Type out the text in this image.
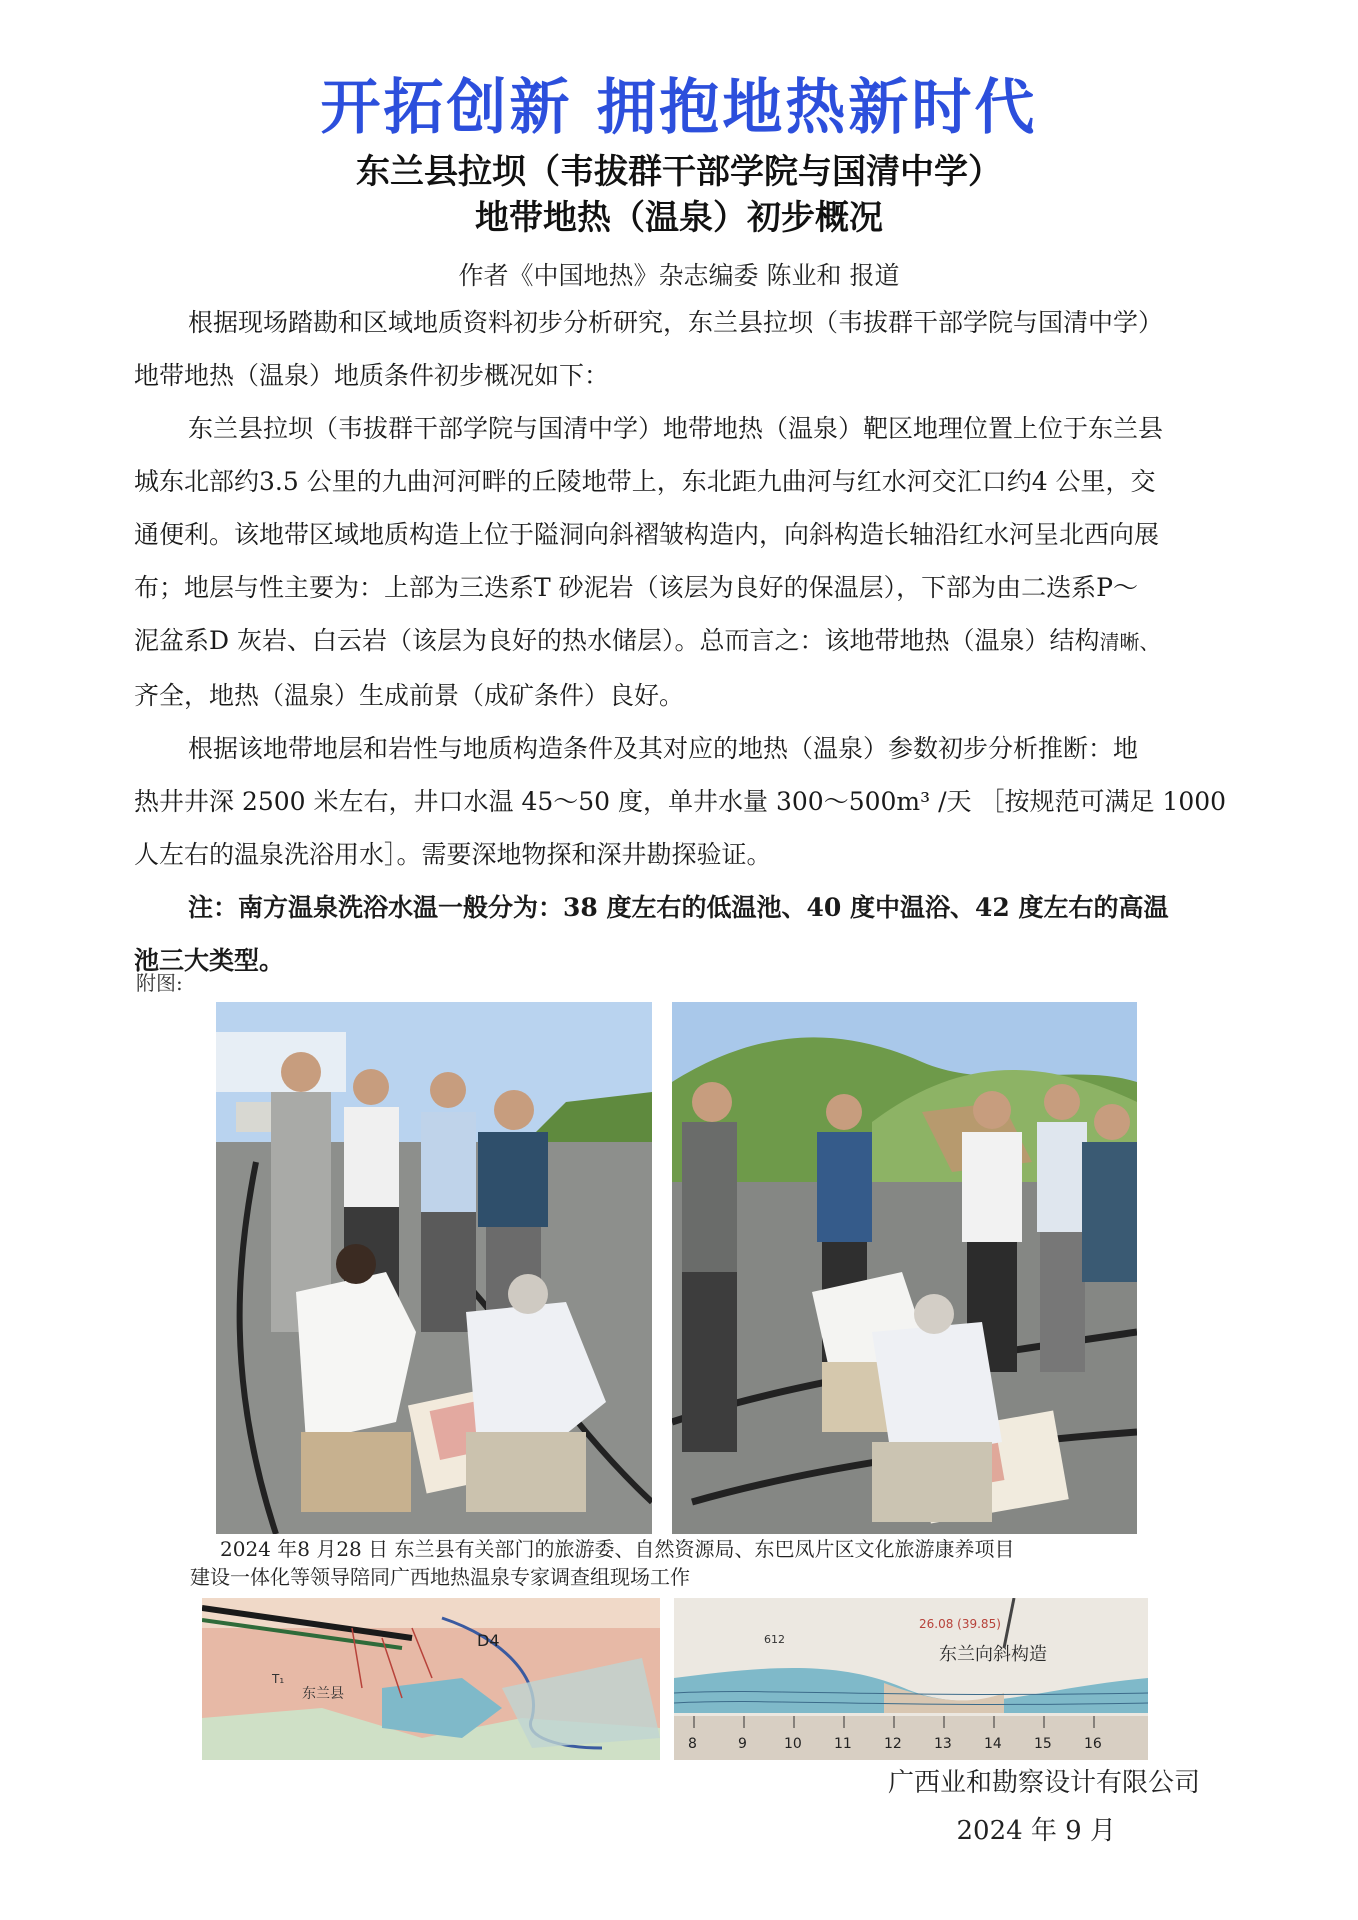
开拓创新 拥抱地热新时代
东兰县拉坝（韦拔群干部学院与国清中学）
地带地热（温泉）初步概况
作者《中国地热》杂志编委 陈业和 报道

根据现场踏勘和区域地质资料初步分析研究，东兰县拉坝（韦拔群干部学院与国清中学）

地带地热（温泉）地质条件初步概况如下：

东兰县拉坝（韦拔群干部学院与国清中学）地带地热（温泉）靶区地理位置上位于东兰县

城东北部约3.5 公里的九曲河河畔的丘陵地带上，东北距九曲河与红水河交汇口约4 公里，交

通便利。该地带区域地质构造上位于隘洞向斜褶皱构造内，向斜构造长轴沿红水河呈北西向展

布；地层与性主要为：上部为三迭系T 砂泥岩（该层为良好的保温层），下部为由二迭系P～

泥盆系D 灰岩、白云岩（该层为良好的热水储层）。总而言之：该地带地热（温泉）结构清晰、

齐全，地热（温泉）生成前景（成矿条件）良好。

根据该地带地层和岩性与地质构造条件及其对应的地热（温泉）参数初步分析推断：地

热井井深 2500 米左右，井口水温 45～50 度，单井水量 300～500m³ /天 ［按规范可满足 1000

人左右的温泉洗浴用水］。需要深地物探和深井勘探验证。

注：南方温泉洗浴水温一般分为：38 度左右的低温池、40 度中温浴、42 度左右的高温

池三大类型。

附图:
2024 年8 月28 日 东兰县有关部门的旅游委、自然资源局、东巴凤片区文化旅游康养项目
建设一体化等领导陪同广西地热温泉专家调查组现场工作
D4
东兰县
T₁
8	9	10 11 12 13 14 15 16
612
26.08 (39.85)
东兰向斜构造
广西业和勘察设计有限公司
2024 年 9 月
